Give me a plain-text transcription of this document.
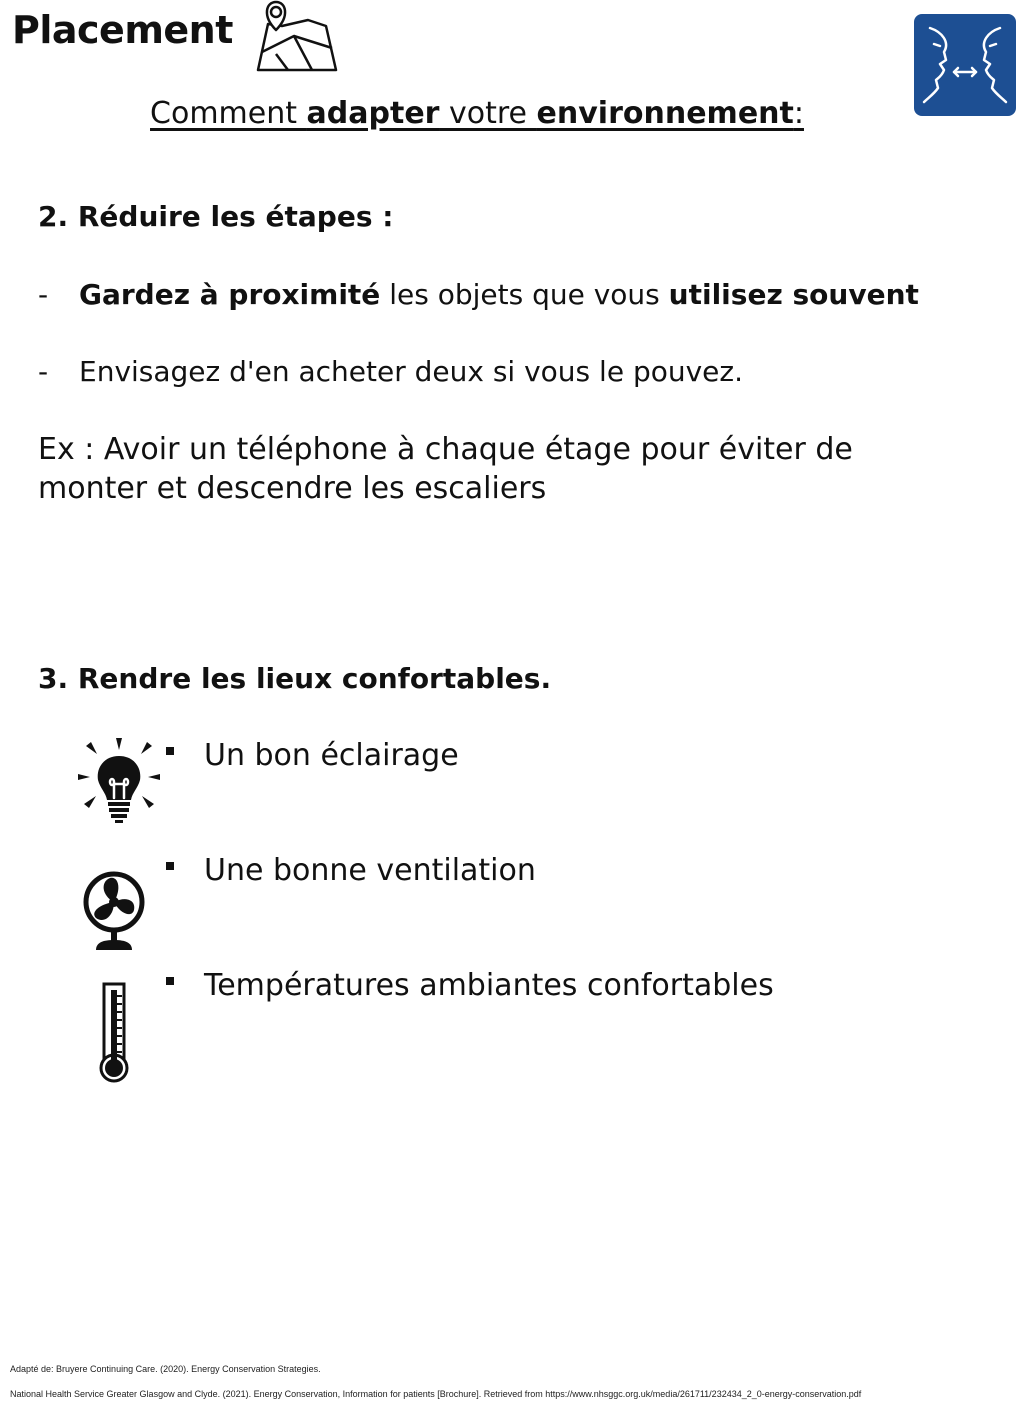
Placement
Comment adapter votre environnement:
2. Réduire les étapes :
- Gardez à proximité les objets que vous utilisez souvent
- Envisagez d'en acheter deux si vous le pouvez.
Ex : Avoir un téléphone à chaque étage pour éviter de monter et descendre les escaliers
3. Rendre les lieux confortables.
Un bon éclairage
Une bonne ventilation
Températures ambiantes confortables
Adapté de: Bruyere Continuing Care. (2020). Energy Conservation Strategies.
National Health Service Greater Glasgow and Clyde. (2021). Energy Conservation, Information for patients [Brochure]. Retrieved from https://www.nhsggc.org.uk/media/261711/232434_2_0-energy-conservation.pdf
